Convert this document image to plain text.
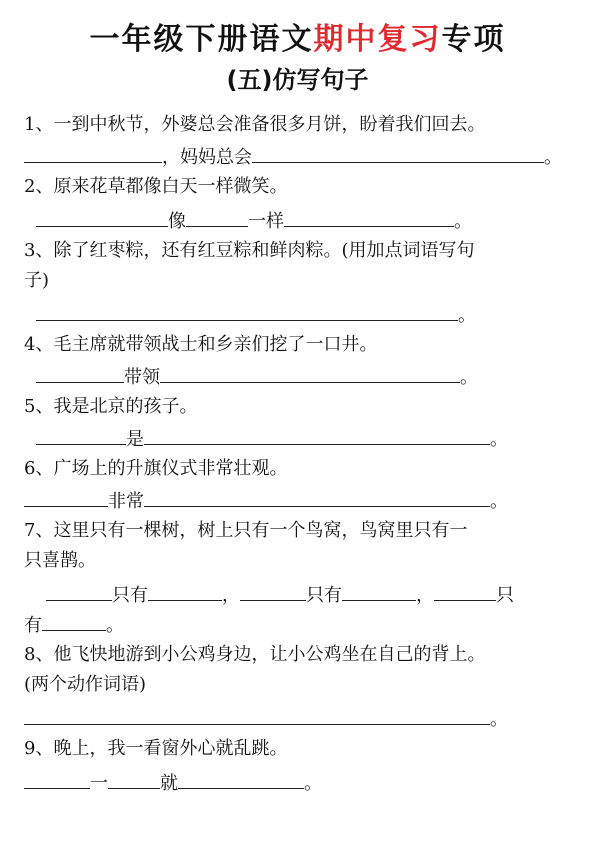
一年级下册语文期中复习专项
(五)仿写句子
1、一到中秋节，外婆总会准备很多月饼，盼着我们回去。
，妈妈总会	。
2、原来花草都像白天一样微笑。
像	一样	。
3、除了红枣粽，还有红豆粽和鲜肉粽。(用加点词语写句
子)
。
4、毛主席就带领战士和乡亲们挖了一口井。
带领	。
5、我是北京的孩子。
是	。
6、广场上的升旗仪式非常壮观。
非常	。
7、这里只有一棵树，树上只有一个鸟窝，鸟窝里只有一
只喜鹊。
只有	，	只有	，	只
有	。
8、他飞快地游到小公鸡身边，让小公鸡坐在自己的背上。
(两个动作词语)
。
9、晚上，我一看窗外心就乱跳。
一	就	。
